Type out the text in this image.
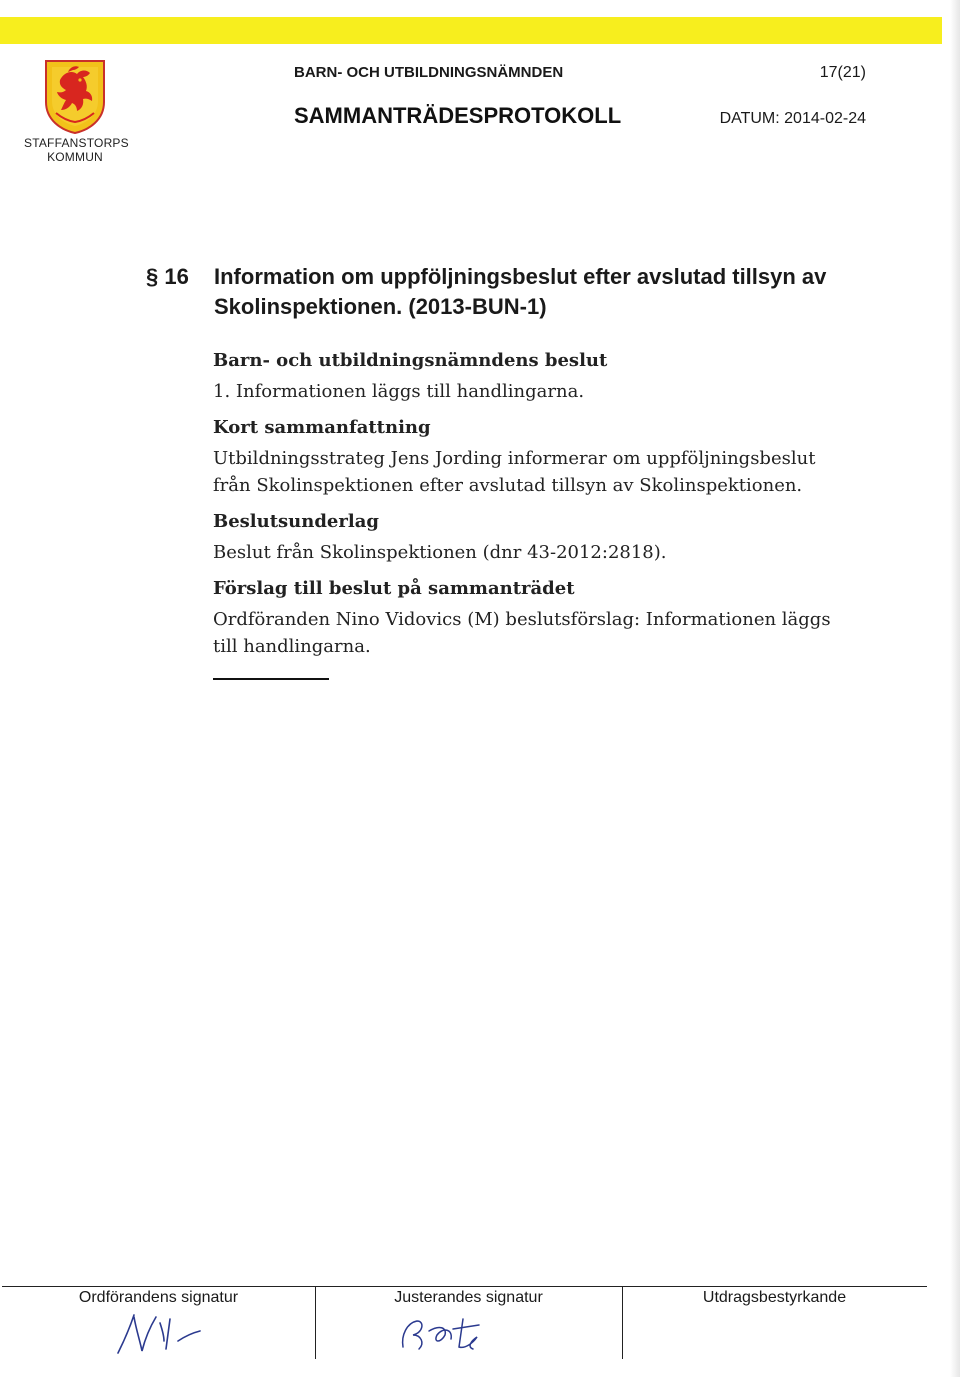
STAFFANSTORPS
KOMMUN
BARN- OCH UTBILDNINGSNÄMNDEN	17(21)
SAMMANTRÄDESPROTOKOLL	DATUM: 2014-02-24
§ 16 Information om uppföljningsbeslut efter avslutad tillsyn av Skolinspektionen. (2013-BUN-1)

Barn- och utbildningsnämndens beslut

1. Informationen läggs till handlingarna.

Kort sammanfattning

Utbildningsstrateg Jens Jording informerar om uppföljningsbeslut från Skolinspektionen efter avslutad tillsyn av Skolinspektionen.

Beslutsunderlag

Beslut från Skolinspektionen (dnr 43-2012:2818).

Förslag till beslut på sammanträdet

Ordföranden Nino Vidovics (M) beslutsförslag: Informationen läggs till handlingarna.

Ordförandens signatur	Justerandes signatur	Utdragsbestyrkande
